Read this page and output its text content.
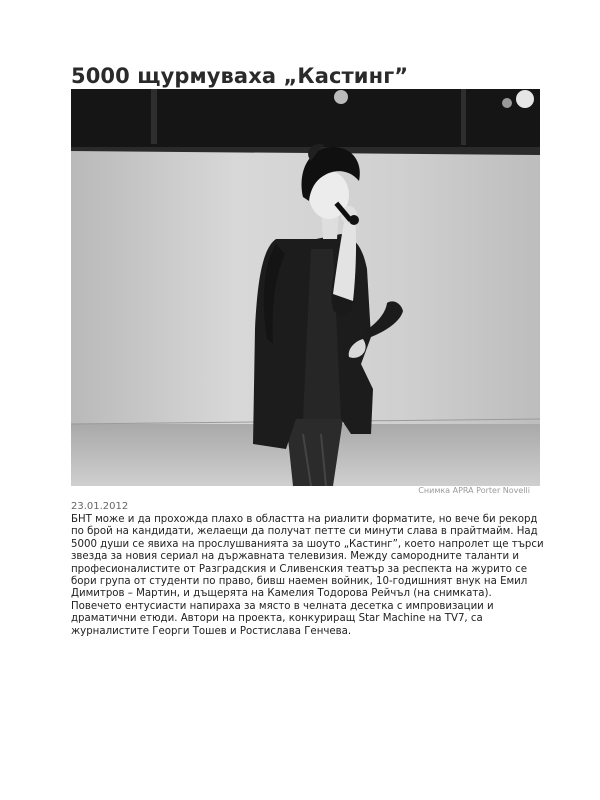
5000 щурмуваха „Кастинг”
Снимка APRA Porter Novelli
23.01.2012

БНТ може и да прохожда плахо в областта на риалити форматите, но вече би рекорд
по брой на кандидати, желаещи да получат петте си минути слава в прайтмайм. Над
5000 души се явиха на прослушванията за шоуто „Кастинг”, което напролет ще търси
звезда за новия сериал на държавната телевизия. Между самородните таланти и
професионалистите от Разградския и Сливенския театър за респекта на журито се
бори група от студенти по право, бивш наемен войник, 10-годишният внук на Емил
Димитров – Мартин, и дъщерята на Камелия Тодорова Рейчъл (на снимката).
Повечето ентусиасти напираха за място в челната десетка с импровизации и
драматични етюди. Автори на проекта, конкуриращ Star Machine на TV7, са
журналистите Георги Тошев и Ростислава Генчева.
